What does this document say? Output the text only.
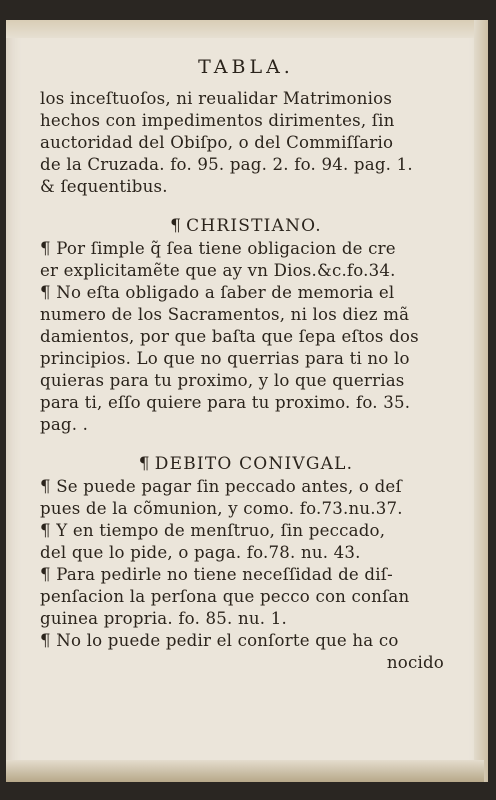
TABLA.
los inceſtuoſos, ni reualidar Matrimonios
hechos con impedimentos dirimentes, ſin
auctoridad del Obiſpo, o del Commiſſario
de la Cruzada. fo. 95. pag. 2. fo. 94. pag. 1.
& ſequentibus.
¶ CHRISTIANO.
¶ Por ſimple q̃ ſea tiene obligacion de cre
er explicitamẽte que ay vn Dios.&c.fo.34.
¶ No eſta obligado a ſaber de memoria el
numero de los Sacramentos, ni los diez mã
damientos, por que baſta que ſepa eſtos dos
principios. Lo que no querrias para ti no lo
quieras para tu proximo, y lo que querrias
para ti, eſſo quiere para tu proximo. fo. 35.
pag. .
¶ DEBITO CONIVGAL.
¶ Se puede pagar ſin peccado antes, o deſ
pues de la cõmunion, y como. fo.73.nu.37.
¶ Y en tiempo de menſtruo, ſin peccado,
del que lo pide, o paga. fo.78. nu. 43.
¶ Para pedirle no tiene neceſſidad de diſ-
penſacion la perſona que pecco con conſan
guinea propria. fo. 85. nu. 1.
¶ No lo puede pedir el conſorte que ha co
nocido
